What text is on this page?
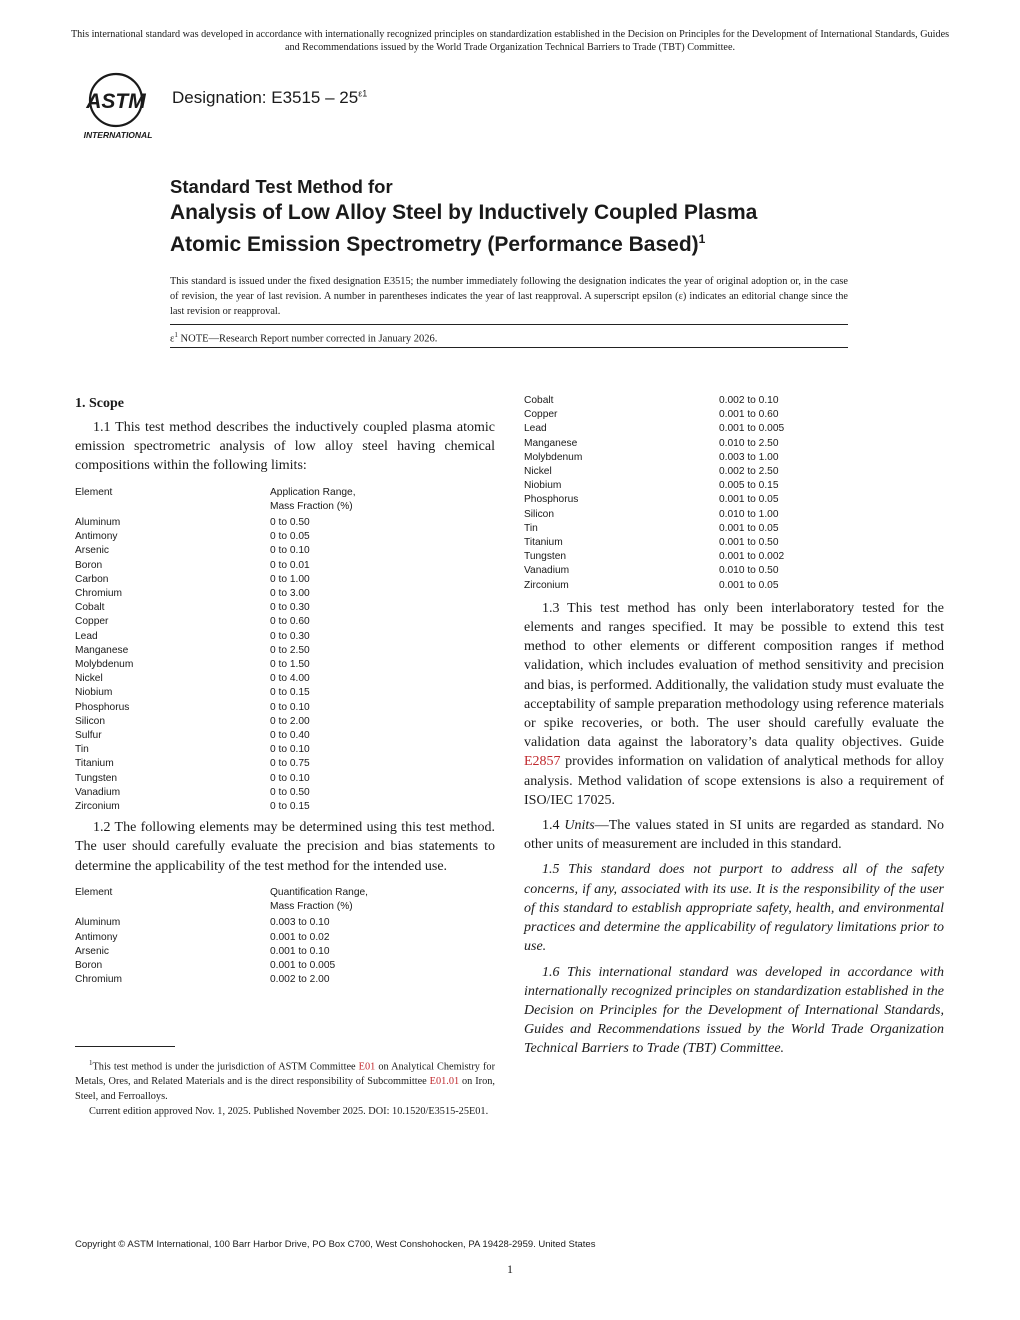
This international standard was developed in accordance with internationally recognized principles on standardization established in the Decision on Principles for the Development of International Standards, Guides and Recommendations issued by the World Trade Organization Technical Barriers to Trade (TBT) Committee.
ASTM
INTERNATIONAL
Designation: $E3515 - 25^{\varepsilon 1}$
Standard Test Method for
Analysis of Low Alloy Steel by Inductively Coupled Plasma
Atomic Emission Spectrometry (Performance Based)$^1$
This standard is issued under the fixed designation E3515; the number immediately following the designation indicates the year of original adoption or, in the case of revision, the year of last revision. A number in parentheses indicates the year of last reapproval. A superscript epsilon (ε) indicates an editorial change since the last revision or reapproval.
$\varepsilon^1$ NOTE—Research Report number corrected in January 2026.
1. Scope

1.1 This test method describes the inductively coupled plasma atomic emission spectrometric analysis of low alloy steel having chemical compositions within the following limits:

Element	Application Range,
Mass Fraction (%)
Aluminum	0 to 0.50
Antimony	0 to 0.05
Arsenic	0 to 0.10
Boron	0 to 0.01
Carbon	0 to 1.00
Chromium	0 to 3.00
Cobalt	0 to 0.30
Copper	0 to 0.60
Lead	0 to 0.30
Manganese	0 to 2.50
Molybdenum	0 to 1.50
Nickel	0 to 4.00
Niobium	0 to 0.15
Phosphorus	0 to 0.10
Silicon	0 to 2.00
Sulfur	0 to 0.40
Tin	0 to 0.10
Titanium	0 to 0.75
Tungsten	0 to 0.10
Vanadium	0 to 0.50
Zirconium	0 to 0.15

1.2 The following elements may be determined using this test method. The user should carefully evaluate the precision and bias statements to determine the applicability of the test method for the intended use.

Element	Quantification Range,
Mass Fraction (%)
Aluminum	0.003 to 0.10
Antimony	0.001 to 0.02
Arsenic	0.001 to 0.10
Boron	0.001 to 0.005
Chromium	0.002 to 2.00
Cobalt	0.002 to 0.10
Copper	0.001 to 0.60
Lead	0.001 to 0.005
Manganese	0.010 to 2.50
Molybdenum	0.003 to 1.00
Nickel	0.002 to 2.50
Niobium	0.005 to 0.15
Phosphorus	0.001 to 0.05
Silicon	0.010 to 1.00
Tin	0.001 to 0.05
Titanium	0.001 to 0.50
Tungsten	0.001 to 0.002
Vanadium	0.010 to 0.50
Zirconium	0.001 to 0.05

1.3 This test method has only been interlaboratory tested for the elements and ranges specified. It may be possible to extend this test method to other elements or different composition ranges if method validation, which includes evaluation of method sensitivity and precision and bias, is performed. Additionally, the validation study must evaluate the acceptability of sample preparation methodology using reference materials or spike recoveries, or both. The user should carefully evaluate the validation data against the laboratory’s data quality objectives. Guide E2857 provides information on validation of analytical methods for alloy analysis. Method validation of scope extensions is also a requirement of ISO/IEC 17025.

1.4 Units—The values stated in SI units are regarded as standard. No other units of measurement are included in this standard.

1.5 This standard does not purport to address all of the safety concerns, if any, associated with its use. It is the responsibility of the user of this standard to establish appropriate safety, health, and environmental practices and determine the applicability of regulatory limitations prior to use.

1.6 This international standard was developed in accordance with internationally recognized principles on standardization established in the Decision on Principles for the Development of International Standards, Guides and Recommendations issued by the World Trade Organization Technical Barriers to Trade (TBT) Committee.

$^1$This test method is under the jurisdiction of ASTM Committee E01 on Analytical Chemistry for Metals, Ores, and Related Materials and is the direct responsibility of Subcommittee E01.01 on Iron, Steel, and Ferroalloys.

Current edition approved Nov. 1, 2025. Published November 2025. DOI: 10.1520/E3515-25E01.

Copyright © ASTM International, 100 Barr Harbor Drive, PO Box C700, West Conshohocken, PA 19428-2959. United States
1
